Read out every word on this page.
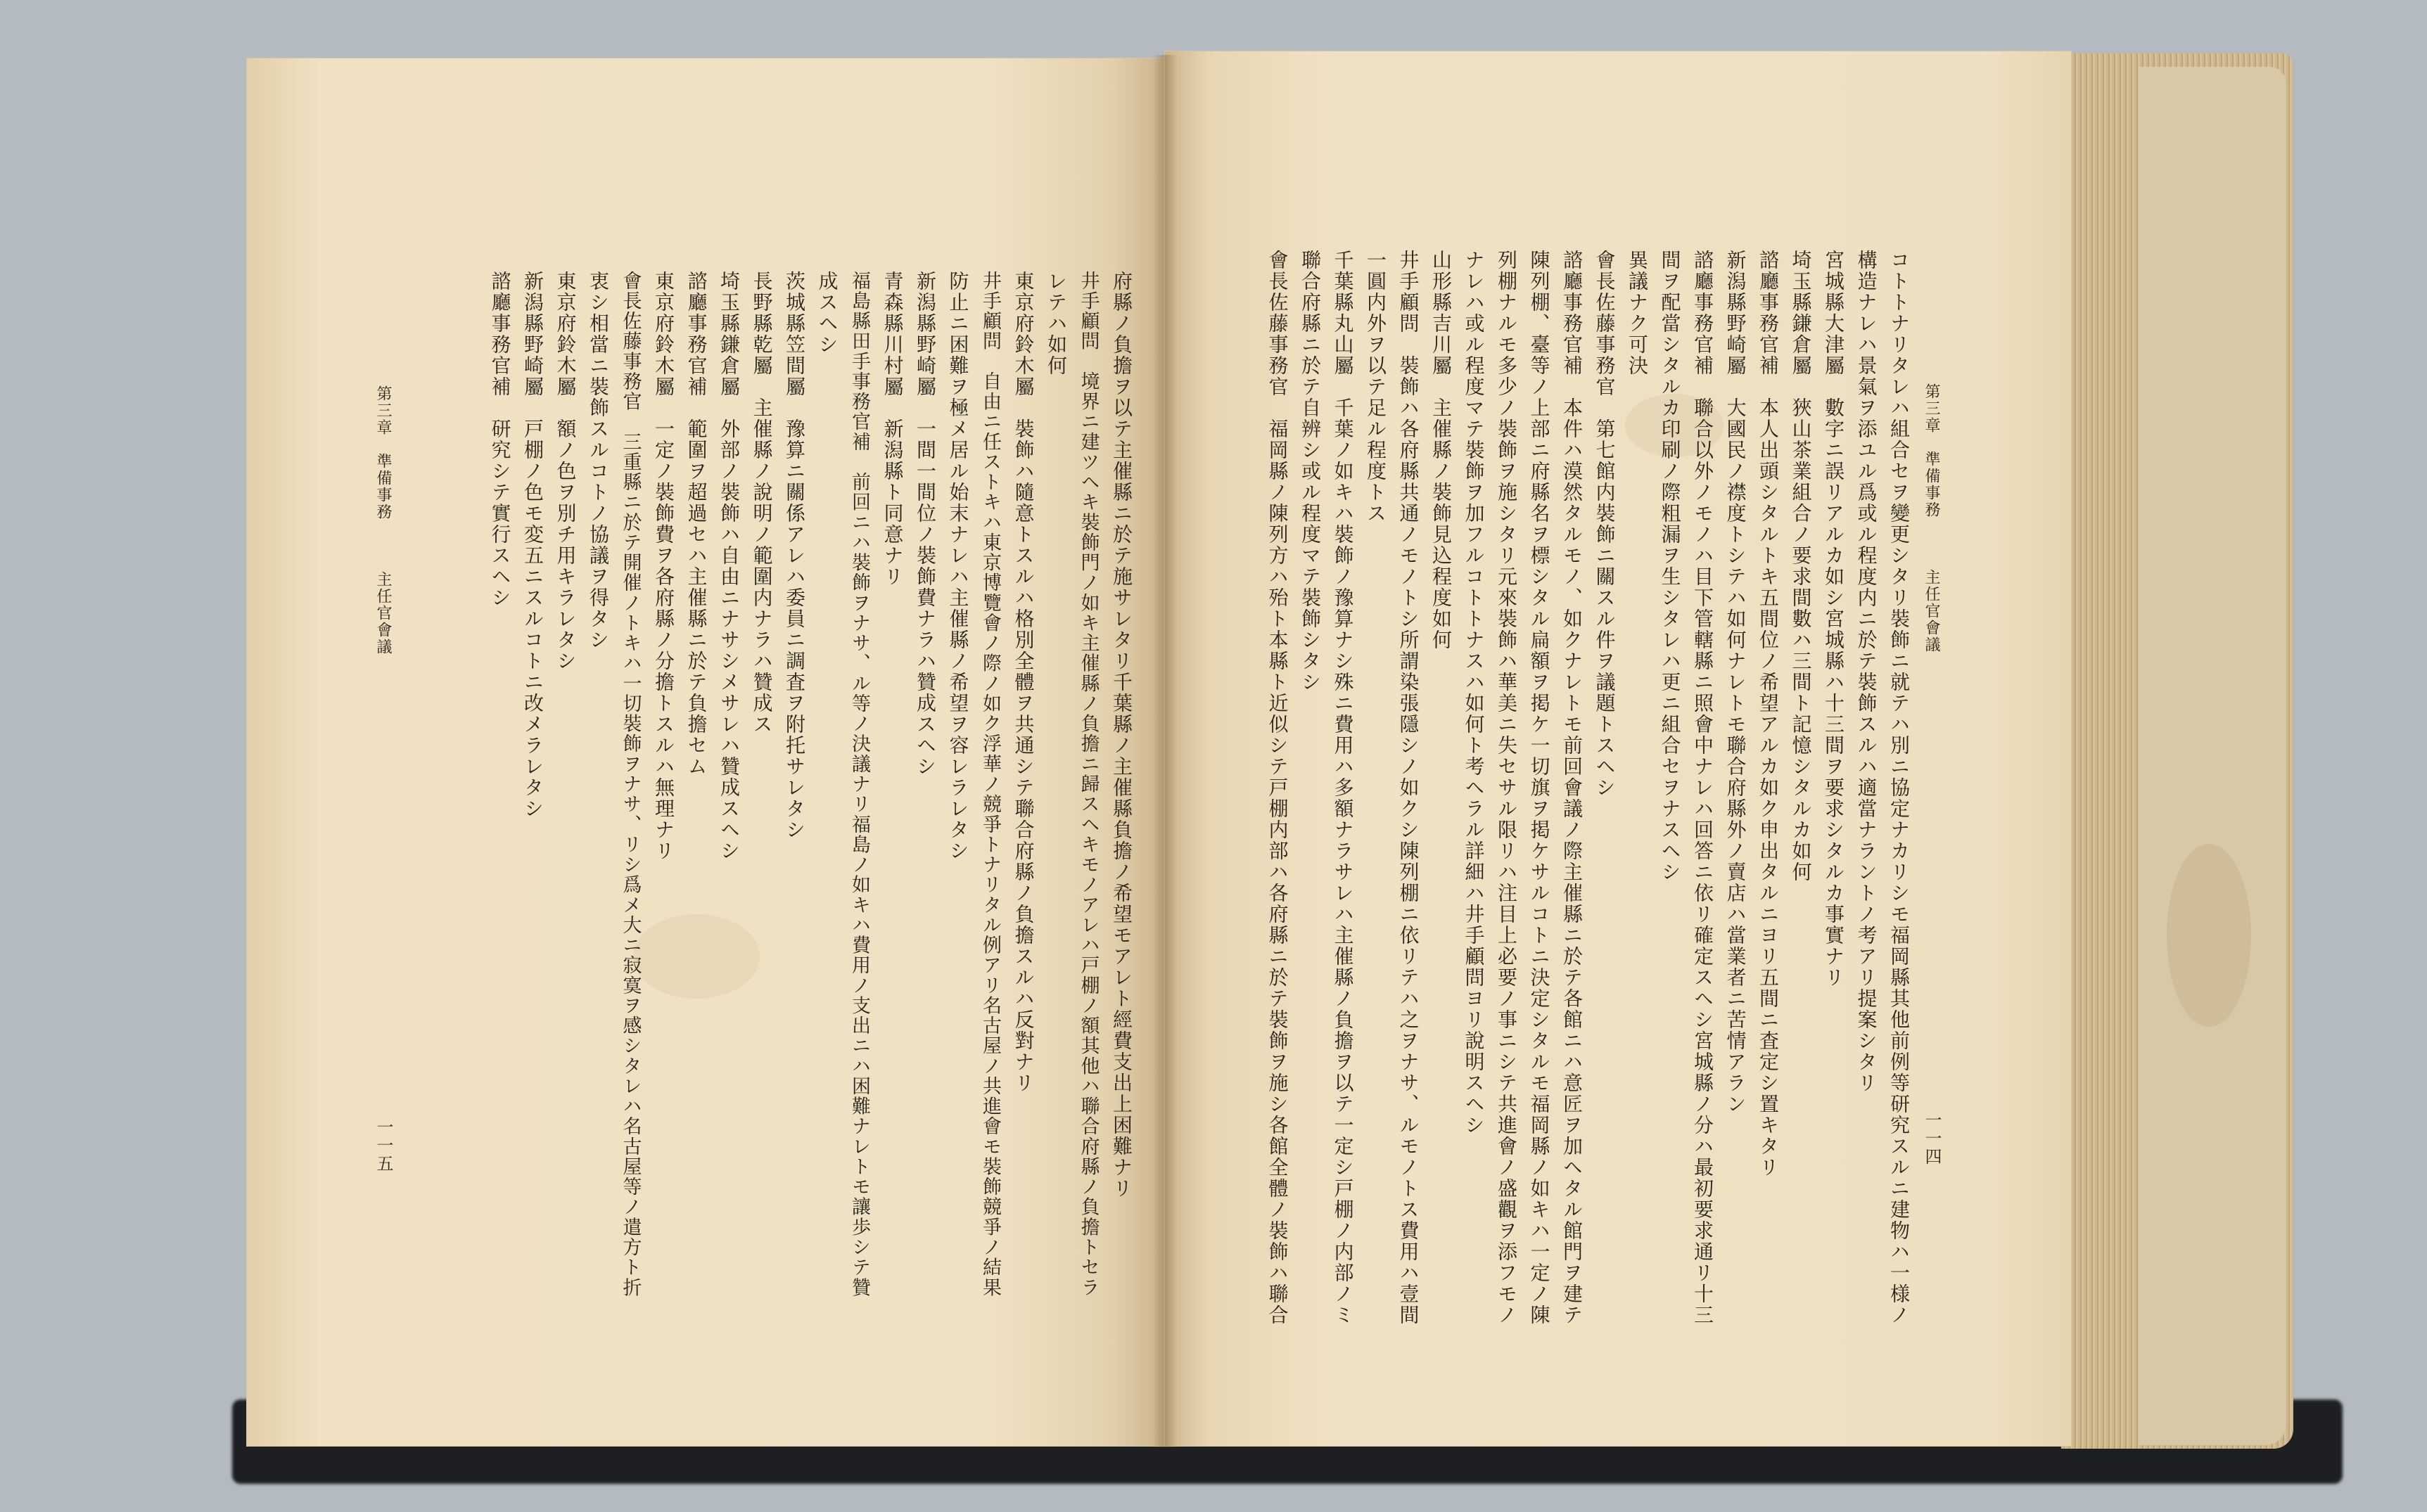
コトトナリタレハ組合セヲ變更シタリ裝飾ニ就テハ別ニ協定ナカリシモ福岡縣其他前例等研究スルニ建物ハ一様ノ
構造ナレハ景氣ヲ添ユル爲或ル程度内ニ於テ裝飾スルハ適當ナラントノ考アリ提案シタリ
宮城縣大津屬　數字ニ誤リアルカ如シ宮城縣ハ十三間ヲ要求シタルカ事實ナリ
埼玉縣鎌倉屬　狹山茶業組合ノ要求間數ハ三間ト記憶シタルカ如何
諮廳事務官補　本人出頭シタルトキ五間位ノ希望アルカ如ク申出タルニヨリ五間ニ査定シ置キタリ
新潟縣野崎屬　大國民ノ襟度トシテハ如何ナレトモ聯合府縣外ノ賣店ハ當業者ニ苦情アラン
諮廳事務官補　聯合以外ノモノハ目下管轄縣ニ照會中ナレハ回答ニ依リ確定スヘシ宮城縣ノ分ハ最初要求通リ十三
間ヲ配當シタルカ印刷ノ際粗漏ヲ生シタレハ更ニ組合セヲナスヘシ
異議ナク可決
會長佐藤事務官　第七館内裝飾ニ關スル件ヲ議題トスヘシ
諮廳事務官補　本件ハ漠然タルモノ、如クナレトモ前回會議ノ際主催縣ニ於テ各館ニハ意匠ヲ加ヘタル館門ヲ建テ
陳列棚、臺等ノ上部ニ府縣名ヲ標シタル扁額ヲ掲ケ一切旗ヲ掲ケサルコトニ決定シタルモ福岡縣ノ如キハ一定ノ陳
列棚ナルモ多少ノ裝飾ヲ施シタリ元來裝飾ハ華美ニ失セサル限リハ注目上必要ノ事ニシテ共進會ノ盛觀ヲ添フモノ
ナレハ或ル程度マテ裝飾ヲ加フルコトトナスハ如何ト考ヘラル詳細ハ井手顧問ヨリ說明スヘシ
山形縣吉川屬　主催縣ノ裝飾見込程度如何
井手顧問　裝飾ハ各府縣共通ノモノトシ所謂染張隱シノ如クシ陳列棚ニ依リテハ之ヲナサ、ルモノトス費用ハ壹間
一圓内外ヲ以テ足ル程度トス
千葉縣丸山屬　千葉ノ如キハ裝飾ノ豫算ナシ殊ニ費用ハ多額ナラサレハ主催縣ノ負擔ヲ以テ一定シ戸棚ノ内部ノミ
聯合府縣ニ於テ自辨シ或ル程度マテ裝飾シタシ
會長佐藤事務官　福岡縣ノ陳列方ハ殆ト本縣ト近似シテ戸棚内部ハ各府縣ニ於テ裝飾ヲ施シ各館全體ノ裝飾ハ聯合
府縣ノ負擔ヲ以テ主催縣ニ於テ施サレタリ千葉縣ノ主催縣負擔ノ希望モアレト經費支出上困難ナリ
井手顧問　境界ニ建ツヘキ裝飾門ノ如キ主催縣ノ負擔ニ歸スヘキモノアレハ戸棚ノ額其他ハ聯合府縣ノ負擔トセラ
レテハ如何
東京府鈴木屬　裝飾ハ隨意トスルハ格別全體ヲ共通シテ聯合府縣ノ負擔スルハ反對ナリ
井手顧問　自由ニ任ストキハ東京博覽會ノ際ノ如ク浮華ノ競爭トナリタル例アリ名古屋ノ共進會モ裝飾競爭ノ結果
防止ニ困難ヲ極メ居ル始末ナレハ主催縣ノ希望ヲ容レラレタシ
新潟縣野崎屬　一間一間位ノ裝飾費ナラハ贊成スヘシ
青森縣川村屬　新潟縣ト同意ナリ
福島縣田手事務官補　前回ニハ裝飾ヲナサ、ル等ノ決議ナリ福島ノ如キハ費用ノ支出ニハ困難ナレトモ讓歩シテ贊
成スヘシ
茨城縣笠間屬　豫算ニ關係アレハ委員ニ調査ヲ附托サレタシ
長野縣乾屬　主催縣ノ說明ノ範圍内ナラハ贊成ス
埼玉縣鎌倉屬　外部ノ裝飾ハ自由ニナサシメサレハ贊成スヘシ
諮廳事務官補　範圍ヲ超過セハ主催縣ニ於テ負擔セム
東京府鈴木屬　一定ノ裝飾費ヲ各府縣ノ分擔トスルハ無理ナリ
會長佐藤事務官　三重縣ニ於テ開催ノトキハ一切裝飾ヲナサ、リシ爲メ大ニ寂寞ヲ感シタレハ名古屋等ノ遣方ト折
衷シ相當ニ裝飾スルコトノ協議ヲ得タシ
東京府鈴木屬　額ノ色ヲ別チ用キラレタシ
新潟縣野崎屬　戸棚ノ色モ変五ニスルコトニ改メラレタシ
諮廳事務官補　研究シテ實行スヘシ	第三章　準備事務　　　主任官會議
一一四
第三章　準備事務　　　主任官會議
一一五
